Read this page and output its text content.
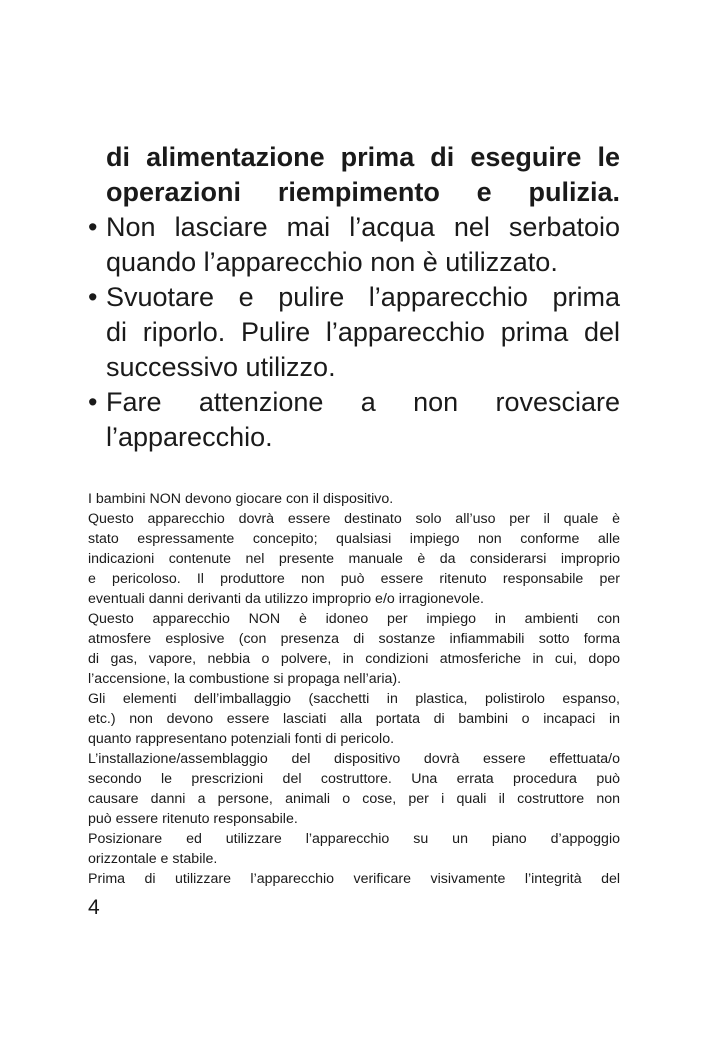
di alimentazione prima di eseguire le
operazioni riempimento e pulizia.
• Non lasciare mai l’acqua nel serbatoio
quando l’apparecchio non è utilizzato.
• Svuotare e pulire l’apparecchio prima
di riporlo. Pulire l’apparecchio prima del
successivo utilizzo.
• Fare attenzione a non rovesciare
l’apparecchio.
I bambini NON devono giocare con il dispositivo.
Questo apparecchio dovrà essere destinato solo all’uso per il quale è
stato espressamente concepito; qualsiasi impiego non conforme alle
indicazioni contenute nel presente manuale è da considerarsi improprio
e pericoloso. Il produttore non può essere ritenuto responsabile per
eventuali danni derivanti da utilizzo improprio e/o irragionevole.
Questo apparecchio NON è idoneo per impiego in ambienti con
atmosfere esplosive (con presenza di sostanze infiammabili sotto forma
di gas, vapore, nebbia o polvere, in condizioni atmosferiche in cui, dopo
l’accensione, la combustione si propaga nell’aria).
Gli elementi dell’imballaggio (sacchetti in plastica, polistirolo espanso,
etc.) non devono essere lasciati alla portata di bambini o incapaci in
quanto rappresentano potenziali fonti di pericolo.
L’installazione/assemblaggio del dispositivo dovrà essere effettuata/o
secondo le prescrizioni del costruttore. Una errata procedura può
causare danni a persone, animali o cose, per i quali il costruttore non
può essere ritenuto responsabile.
Posizionare ed utilizzare l’apparecchio su un piano d’appoggio
orizzontale e stabile.
Prima di utilizzare l’apparecchio verificare visivamente l’integrità del
4
